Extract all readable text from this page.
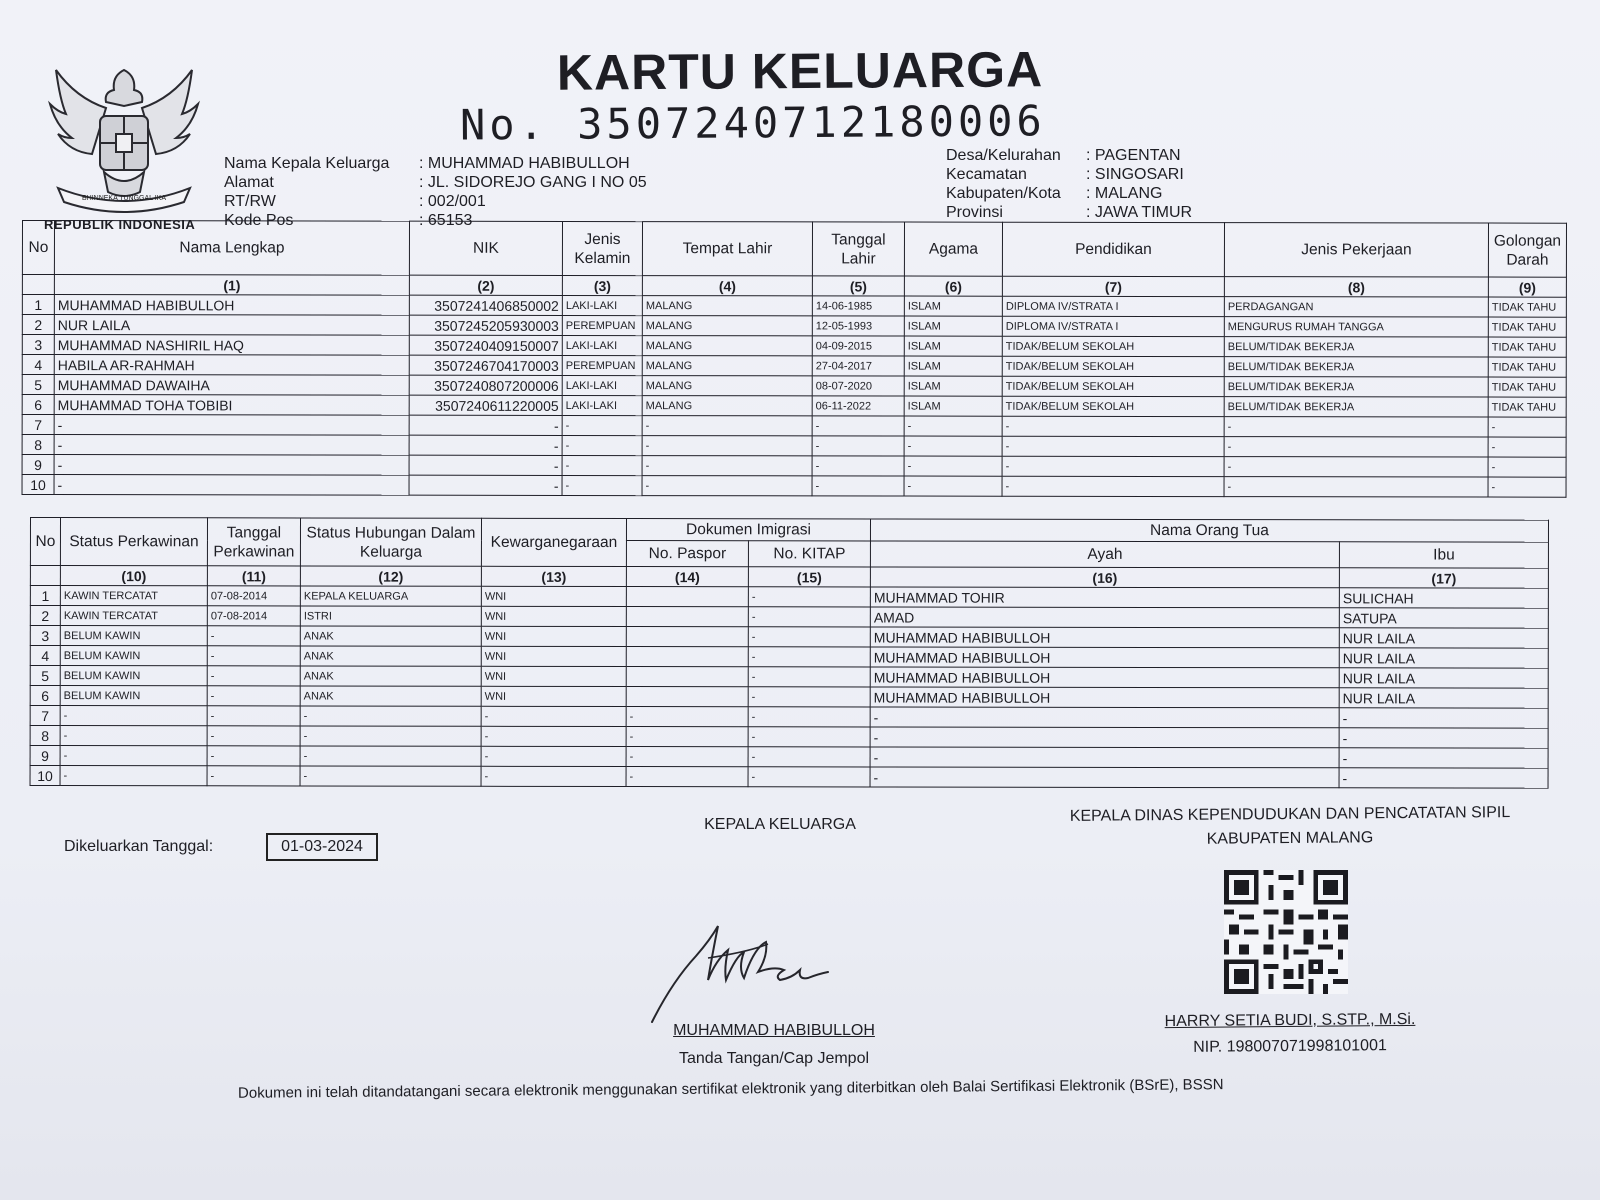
BHINNEKA TUNGGAL IKA
REPUBLIK INDONESIA
KARTU KELUARGA
No. 3507240712180006
Nama Kepala Keluarga	: MUHAMMAD HABIBULLOH
Alamat	: JL. SIDOREJO GANG I NO 05
RT/RW	: 002/001
Kode Pos	: 65153
Desa/Kelurahan	: PAGENTAN
Kecamatan	: SINGOSARI
Kabupaten/Kota	: MALANG
Provinsi	: JAWA TIMUR
No	Nama Lengkap	NIK	Jenis Kelamin	Tempat Lahir	Tanggal Lahir	Agama	Pendidikan	Jenis Pekerjaan	Golongan Darah
	(1)	(2)	(3)	(4)	(5)	(6)	(7)	(8)	(9)
1	MUHAMMAD HABIBULLOH	3507241406850002	LAKI-LAKI	MALANG	14-06-1985	ISLAM	DIPLOMA IV/STRATA I	PERDAGANGAN	TIDAK TAHU
2	NUR LAILA	3507245205930003	PEREMPUAN	MALANG	12-05-1993	ISLAM	DIPLOMA IV/STRATA I	MENGURUS RUMAH TANGGA	TIDAK TAHU
3	MUHAMMAD NASHIRIL HAQ	3507240409150007	LAKI-LAKI	MALANG	04-09-2015	ISLAM	TIDAK/BELUM SEKOLAH	BELUM/TIDAK BEKERJA	TIDAK TAHU
4	HABILA AR-RAHMAH	3507246704170003	PEREMPUAN	MALANG	27-04-2017	ISLAM	TIDAK/BELUM SEKOLAH	BELUM/TIDAK BEKERJA	TIDAK TAHU
5	MUHAMMAD DAWAIHA	3507240807200006	LAKI-LAKI	MALANG	08-07-2020	ISLAM	TIDAK/BELUM SEKOLAH	BELUM/TIDAK BEKERJA	TIDAK TAHU
6	MUHAMMAD TOHA TOBIBI	3507240611220005	LAKI-LAKI	MALANG	06-11-2022	ISLAM	TIDAK/BELUM SEKOLAH	BELUM/TIDAK BEKERJA	TIDAK TAHU
7	-	-	-	-	-	-	-	-	-
8	-	-	-	-	-	-	-	-	-
9	-	-	-	-	-	-	-	-	-
10	-	-	-	-	-	-	-	-	-
No	Status Perkawinan	Tanggal Perkawinan	Status Hubungan Dalam Keluarga	Kewarganegaraan	Dokumen Imigrasi		Nama Orang Tua	
					No. Paspor	No. KITAP	Ayah	Ibu
	(10)	(11)	(12)	(13)	(14)	(15)	(16)	(17)
1	KAWIN TERCATAT	07-08-2014	KEPALA KELUARGA	WNI		-	MUHAMMAD TOHIR	SULICHAH
2	KAWIN TERCATAT	07-08-2014	ISTRI	WNI		-	AMAD	SATUPA
3	BELUM KAWIN	-	ANAK	WNI		-	MUHAMMAD HABIBULLOH	NUR LAILA
4	BELUM KAWIN	-	ANAK	WNI		-	MUHAMMAD HABIBULLOH	NUR LAILA
5	BELUM KAWIN	-	ANAK	WNI		-	MUHAMMAD HABIBULLOH	NUR LAILA
6	BELUM KAWIN	-	ANAK	WNI		-	MUHAMMAD HABIBULLOH	NUR LAILA
7	-	-	-	-	-	-	-	-
8	-	-	-	-	-	-	-	-
9	-	-	-	-	-	-	-	-
10	-	-	-	-	-	-	-	-
Dikeluarkan Tanggal:	01-03-2024
KEPALA KELUARGA
MUHAMMAD HABIBULLOH
Tanda Tangan/Cap Jempol
KEPALA DINAS KEPENDUDUKAN DAN PENCATATAN SIPIL
KABUPATEN MALANG
HARRY SETIA BUDI, S.STP., M.Si.
NIP. 198007071998101001
Dokumen ini telah ditandatangani secara elektronik menggunakan sertifikat elektronik yang diterbitkan oleh Balai Sertifikasi Elektronik (BSrE), BSSN
